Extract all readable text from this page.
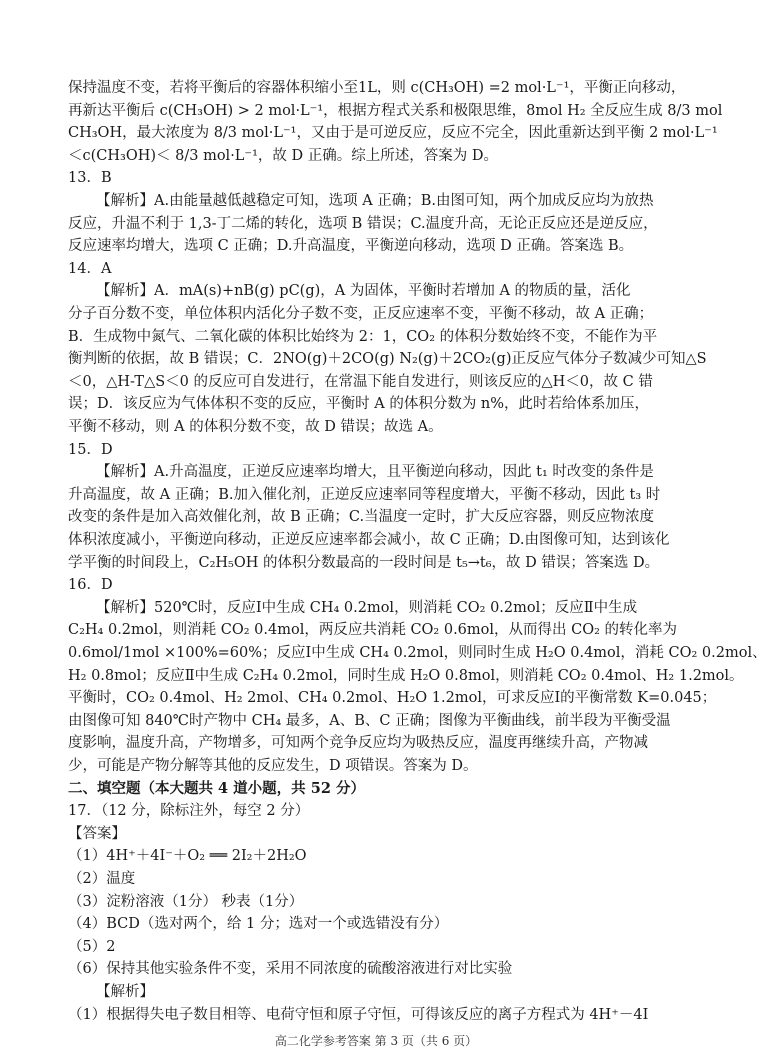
保持温度不变，若将平衡后的容器体积缩小至1L，则 c(CH₃OH) =2 mol·L⁻¹，平衡正向移动，
再新达平衡后 c(CH₃OH) > 2 mol·L⁻¹，根据方程式关系和极限思维，8mol H₂ 全反应生成 8/3 mol
CH₃OH，最大浓度为 8/3 mol·L⁻¹，又由于是可逆反应，反应不完全，因此重新达到平衡 2 mol·L⁻¹
＜c(CH₃OH)＜ 8/3 mol·L⁻¹，故 D 正确。综上所述，答案为 D。
13．B
【解析】A.由能量越低越稳定可知，选项 A 正确；B.由图可知，两个加成反应均为放热
反应，升温不利于 1,3-丁二烯的转化，选项 B 错误；C.温度升高，无论正反应还是逆反应，
反应速率均增大，选项 C 正确；D.升高温度，平衡逆向移动，选项 D 正确。答案选 B。
14．A
【解析】A．mA(s)+nB(g) pC(g)，A 为固体，平衡时若增加 A 的物质的量，活化
分子百分数不变，单位体积内活化分子数不变，正反应速率不变，平衡不移动，故 A 正确；
B．生成物中氮气、二氧化碳的体积比始终为 2：1，CO₂ 的体积分数始终不变，不能作为平
衡判断的依据，故 B 错误；C．2NO(g)＋2CO(g) N₂(g)＋2CO₂(g)正反应气体分子数减少可知△S
＜0，△H-T△S＜0 的反应可自发进行，在常温下能自发进行，则该反应的△H＜0，故 C 错
误；D．该反应为气体体积不变的反应，平衡时 A 的体积分数为 n%，此时若给体系加压，
平衡不移动，则 A 的体积分数不变，故 D 错误；故选 A。
15．D
【解析】A.升高温度，正逆反应速率均增大，且平衡逆向移动，因此 t₁ 时改变的条件是
升高温度，故 A 正确；B.加入催化剂，正逆反应速率同等程度增大，平衡不移动，因此 t₃ 时
改变的条件是加入高效催化剂，故 B 正确；C.当温度一定时，扩大反应容器，则反应物浓度
体积浓度减小，平衡逆向移动，正逆反应速率都会减小，故 C 正确；D.由图像可知，达到该化
学平衡的时间段上，C₂H₅OH 的体积分数最高的一段时间是 t₅→t₆，故 D 错误；答案选 D。
16．D
【解析】520℃时，反应Ⅰ中生成 CH₄ 0.2mol，则消耗 CO₂ 0.2mol；反应Ⅱ中生成
C₂H₄ 0.2mol，则消耗 CO₂ 0.4mol，两反应共消耗 CO₂ 0.6mol，从而得出 CO₂ 的转化率为
0.6mol/1mol ×100%=60%；反应Ⅰ中生成 CH₄ 0.2mol，则同时生成 H₂O 0.4mol，消耗 CO₂ 0.2mol、
H₂ 0.8mol；反应Ⅱ中生成 C₂H₄ 0.2mol，同时生成 H₂O 0.8mol，则消耗 CO₂ 0.4mol、H₂ 1.2mol。
平衡时，CO₂ 0.4mol、H₂ 2mol、CH₄ 0.2mol、H₂O 1.2mol，可求反应Ⅰ的平衡常数 K=0.045；
由图像可知 840℃时产物中 CH₄ 最多，A、B、C 正确；图像为平衡曲线，前半段为平衡受温
度影响，温度升高，产物增多，可知两个竞争反应均为吸热反应，温度再继续升高，产物减
少，可能是产物分解等其他的反应发生，D 项错误。答案为 D。
二、填空题（本大题共 4 道小题，共 52 分）
17．（12 分，除标注外，每空 2 分）
【答案】
（1）4H⁺＋4I⁻＋O₂ ══ 2I₂＋2H₂O
（2）温度
（3）淀粉溶液（1分） 秒表（1分）
（4）BCD（选对两个，给 1 分；选对一个或选错没有分）
（5）2
（6）保持其他实验条件不变，采用不同浓度的硫酸溶液进行对比实验
【解析】
（1）根据得失电子数目相等、电荷守恒和原子守恒，可得该反应的离子方程式为 4H⁺－4I
高二化学参考答案 第 3 页（共 6 页）
